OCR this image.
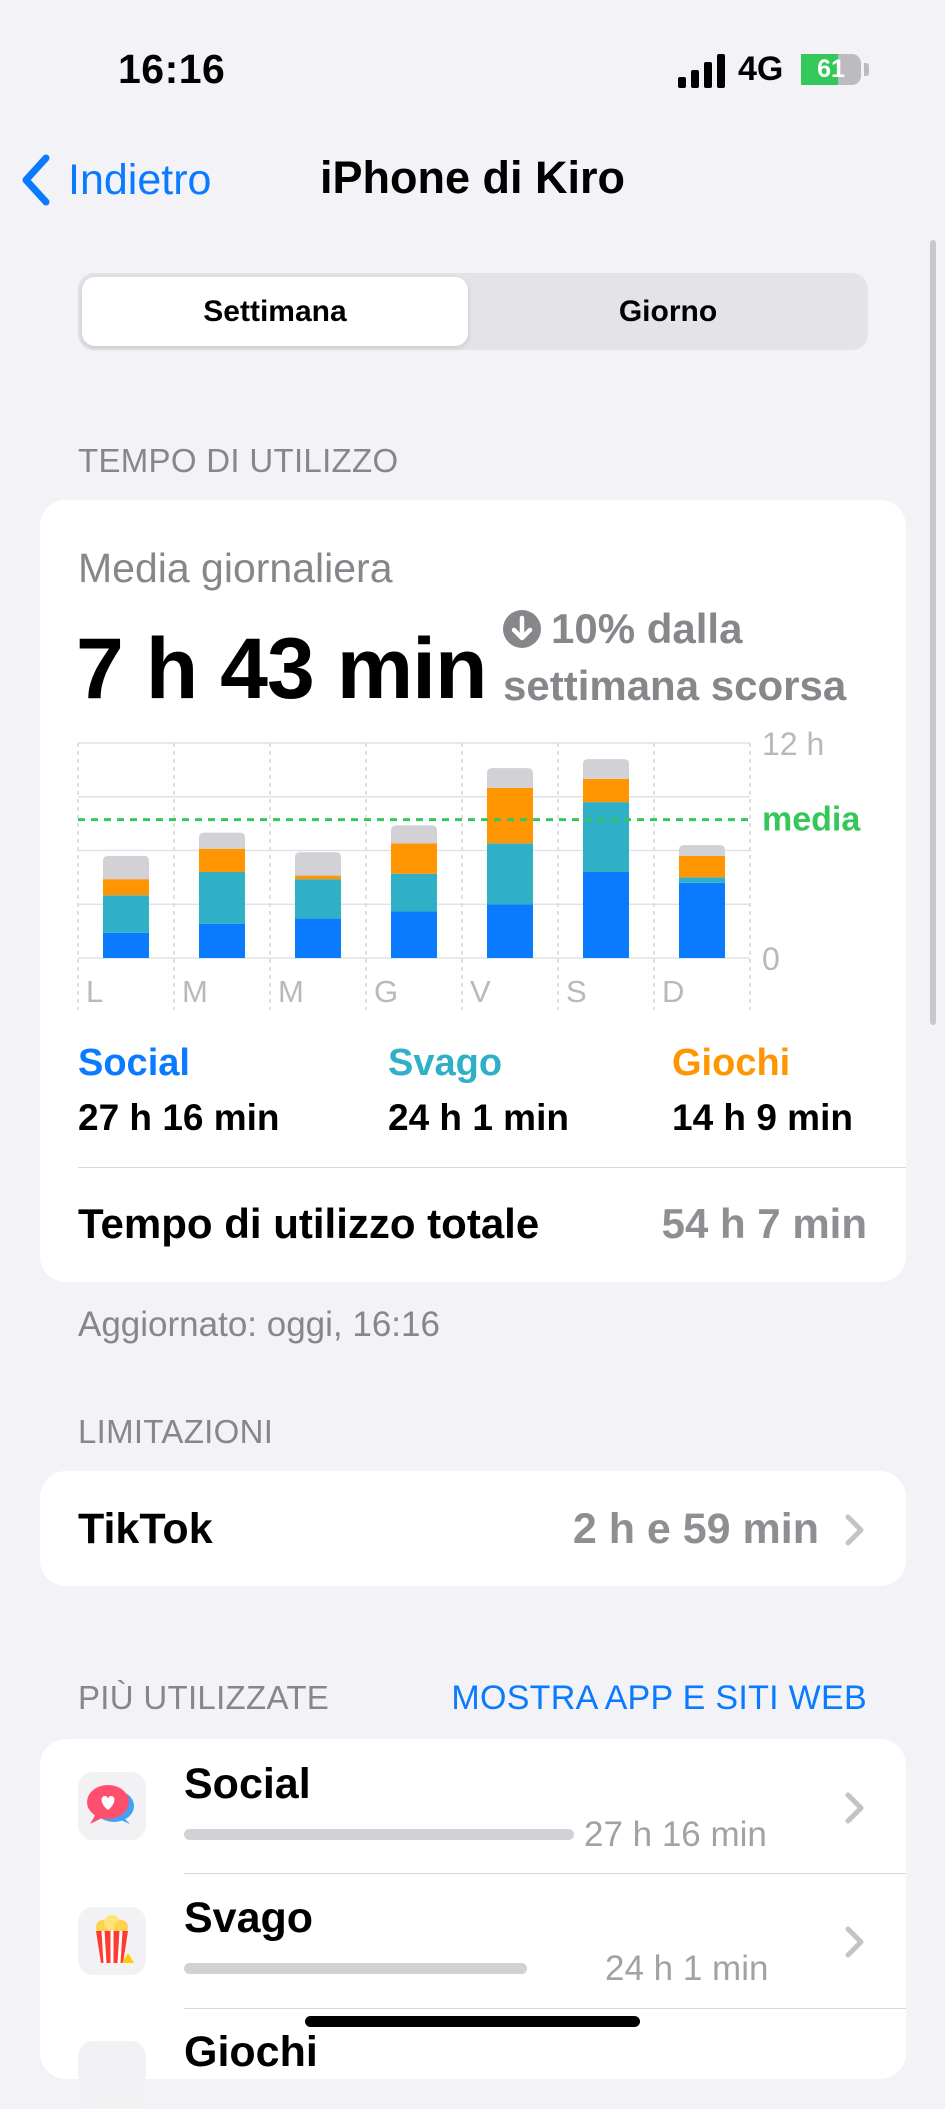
16:16	4G	61
Indietro	iPhone di Kiro
Settimana	Giorno
TEMPO DI UTILIZZO
Media giornaliera
7 h 43 min 10% dalla
settimana scorsa
L	M M G V S D
media
12 h
0
Social
27 h 16 min
Svago
24 h 1 min
Giochi
14 h 9 min
Tempo di utilizzo totale	54 h 7 min
Aggiornato: oggi, 16:16
LIMITAZIONI
TikTok	2 h e 59 min
PIÙ UTILIZZATE	MOSTRA APP E SITI WEB
Social
27 h 16 min
Svago
24 h 1 min
Giochi
